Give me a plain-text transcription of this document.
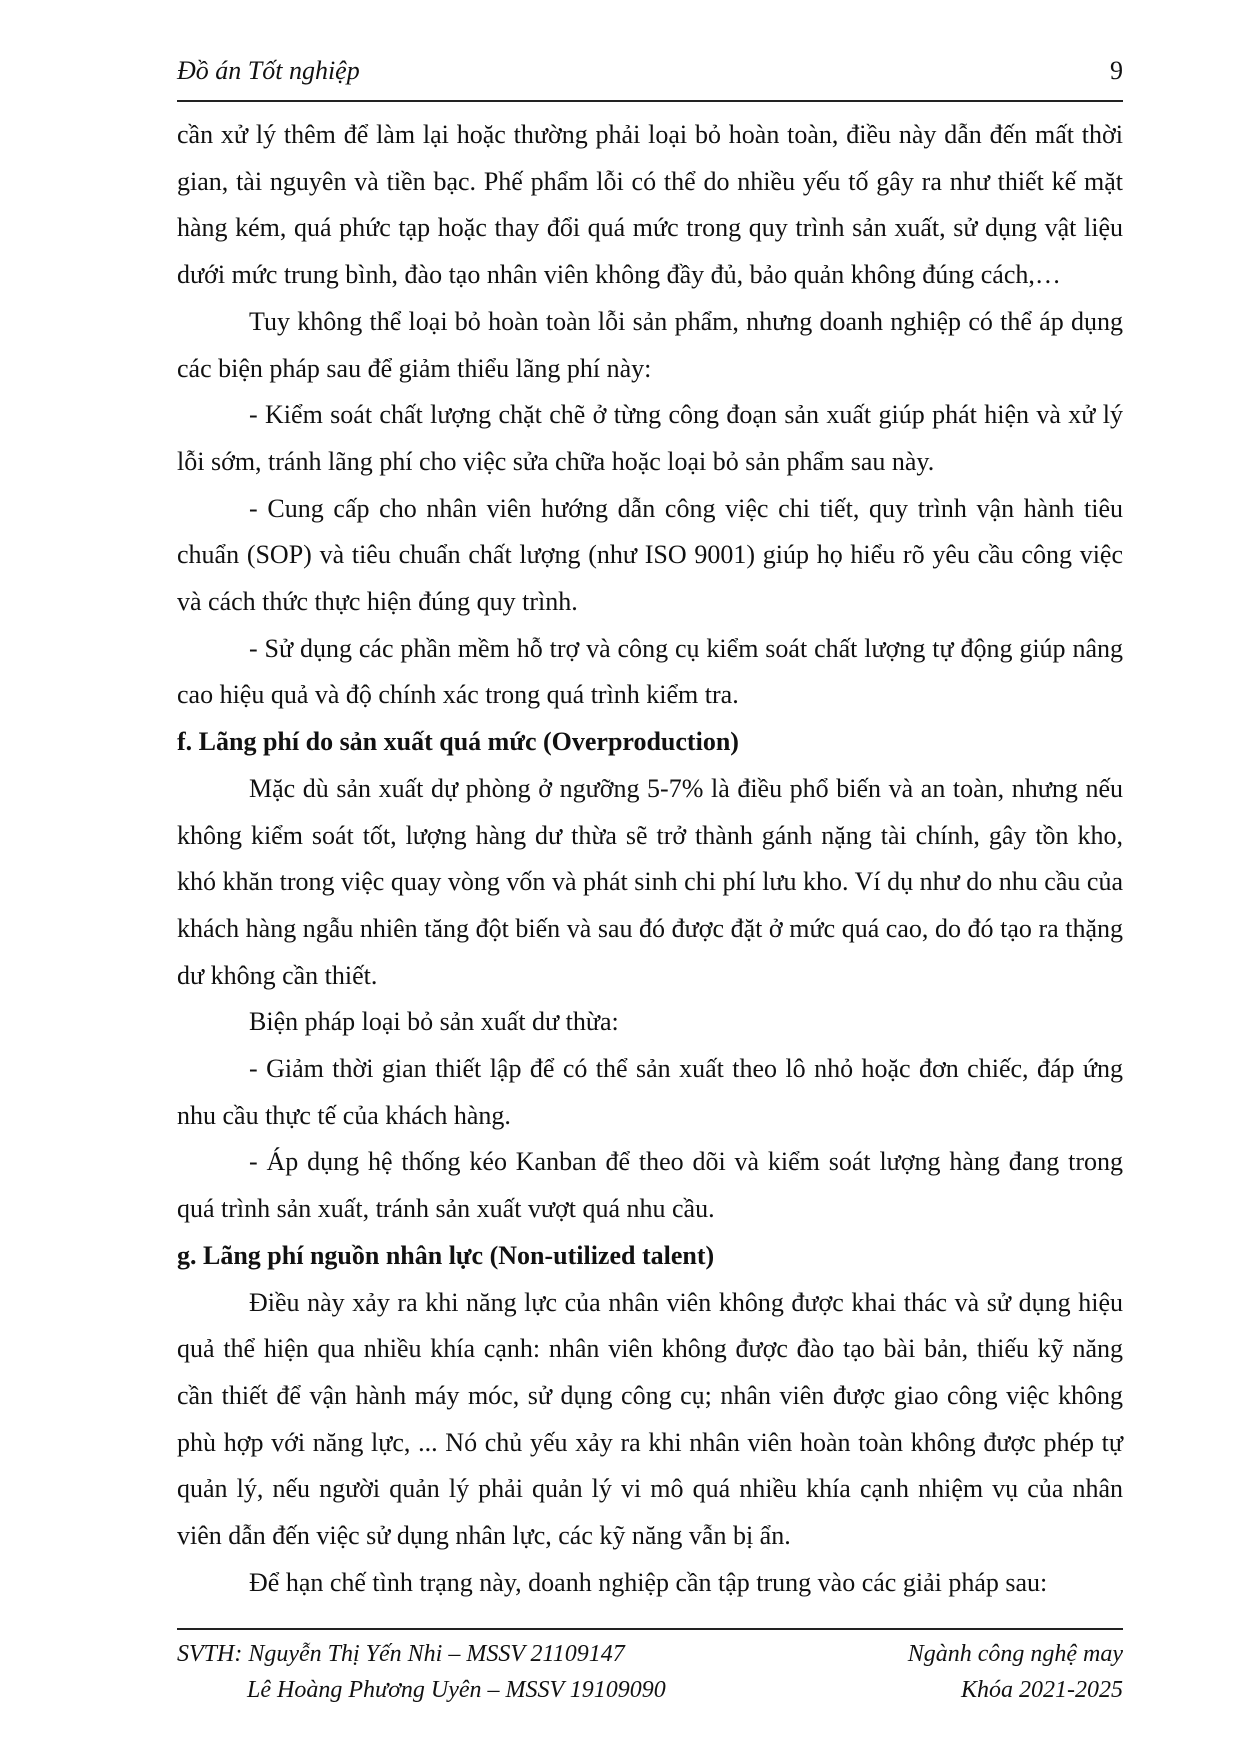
Đồ án Tốt nghiệp	9

cần xử lý thêm để làm lại hoặc thường phải loại bỏ hoàn toàn, điều này dẫn đến mất thời gian, tài nguyên và tiền bạc. Phế phẩm lỗi có thể do nhiều yếu tố gây ra như thiết kế mặt hàng kém, quá phức tạp hoặc thay đổi quá mức trong quy trình sản xuất, sử dụng vật liệu dưới mức trung bình, đào tạo nhân viên không đầy đủ, bảo quản không đúng cách,…

Tuy không thể loại bỏ hoàn toàn lỗi sản phẩm, nhưng doanh nghiệp có thể áp dụng các biện pháp sau để giảm thiểu lãng phí này:

- Kiểm soát chất lượng chặt chẽ ở từng công đoạn sản xuất giúp phát hiện và xử lý lỗi sớm, tránh lãng phí cho việc sửa chữa hoặc loại bỏ sản phẩm sau này.

- Cung cấp cho nhân viên hướng dẫn công việc chi tiết, quy trình vận hành tiêu chuẩn (SOP) và tiêu chuẩn chất lượng (như ISO 9001) giúp họ hiểu rõ yêu cầu công việc và cách thức thực hiện đúng quy trình.

- Sử dụng các phần mềm hỗ trợ và công cụ kiểm soát chất lượng tự động giúp nâng cao hiệu quả và độ chính xác trong quá trình kiểm tra.

f. Lãng phí do sản xuất quá mức (Overproduction)

Mặc dù sản xuất dự phòng ở ngưỡng 5-7% là điều phổ biến và an toàn, nhưng nếu không kiểm soát tốt, lượng hàng dư thừa sẽ trở thành gánh nặng tài chính, gây tồn kho, khó khăn trong việc quay vòng vốn và phát sinh chi phí lưu kho. Ví dụ như do nhu cầu của khách hàng ngẫu nhiên tăng đột biến và sau đó được đặt ở mức quá cao, do đó tạo ra thặng dư không cần thiết.

Biện pháp loại bỏ sản xuất dư thừa:

- Giảm thời gian thiết lập để có thể sản xuất theo lô nhỏ hoặc đơn chiếc, đáp ứng nhu cầu thực tế của khách hàng.

- Áp dụng hệ thống kéo Kanban để theo dõi và kiểm soát lượng hàng đang trong quá trình sản xuất, tránh sản xuất vượt quá nhu cầu.

g. Lãng phí nguồn nhân lực (Non-utilized talent)

Điều này xảy ra khi năng lực của nhân viên không được khai thác và sử dụng hiệu quả thể hiện qua nhiều khía cạnh: nhân viên không được đào tạo bài bản, thiếu kỹ năng cần thiết để vận hành máy móc, sử dụng công cụ; nhân viên được giao công việc không phù hợp với năng lực, ... Nó chủ yếu xảy ra khi nhân viên hoàn toàn không được phép tự quản lý, nếu người quản lý phải quản lý vi mô quá nhiều khía cạnh nhiệm vụ của nhân viên dẫn đến việc sử dụng nhân lực, các kỹ năng vẫn bị ẩn.

Để hạn chế tình trạng này, doanh nghiệp cần tập trung vào các giải pháp sau:

SVTH: Nguyễn Thị Yến Nhi – MSSV 21109147
Lê Hoàng Phương Uyên – MSSV 19109090
Ngành công nghệ may
Khóa 2021-2025
